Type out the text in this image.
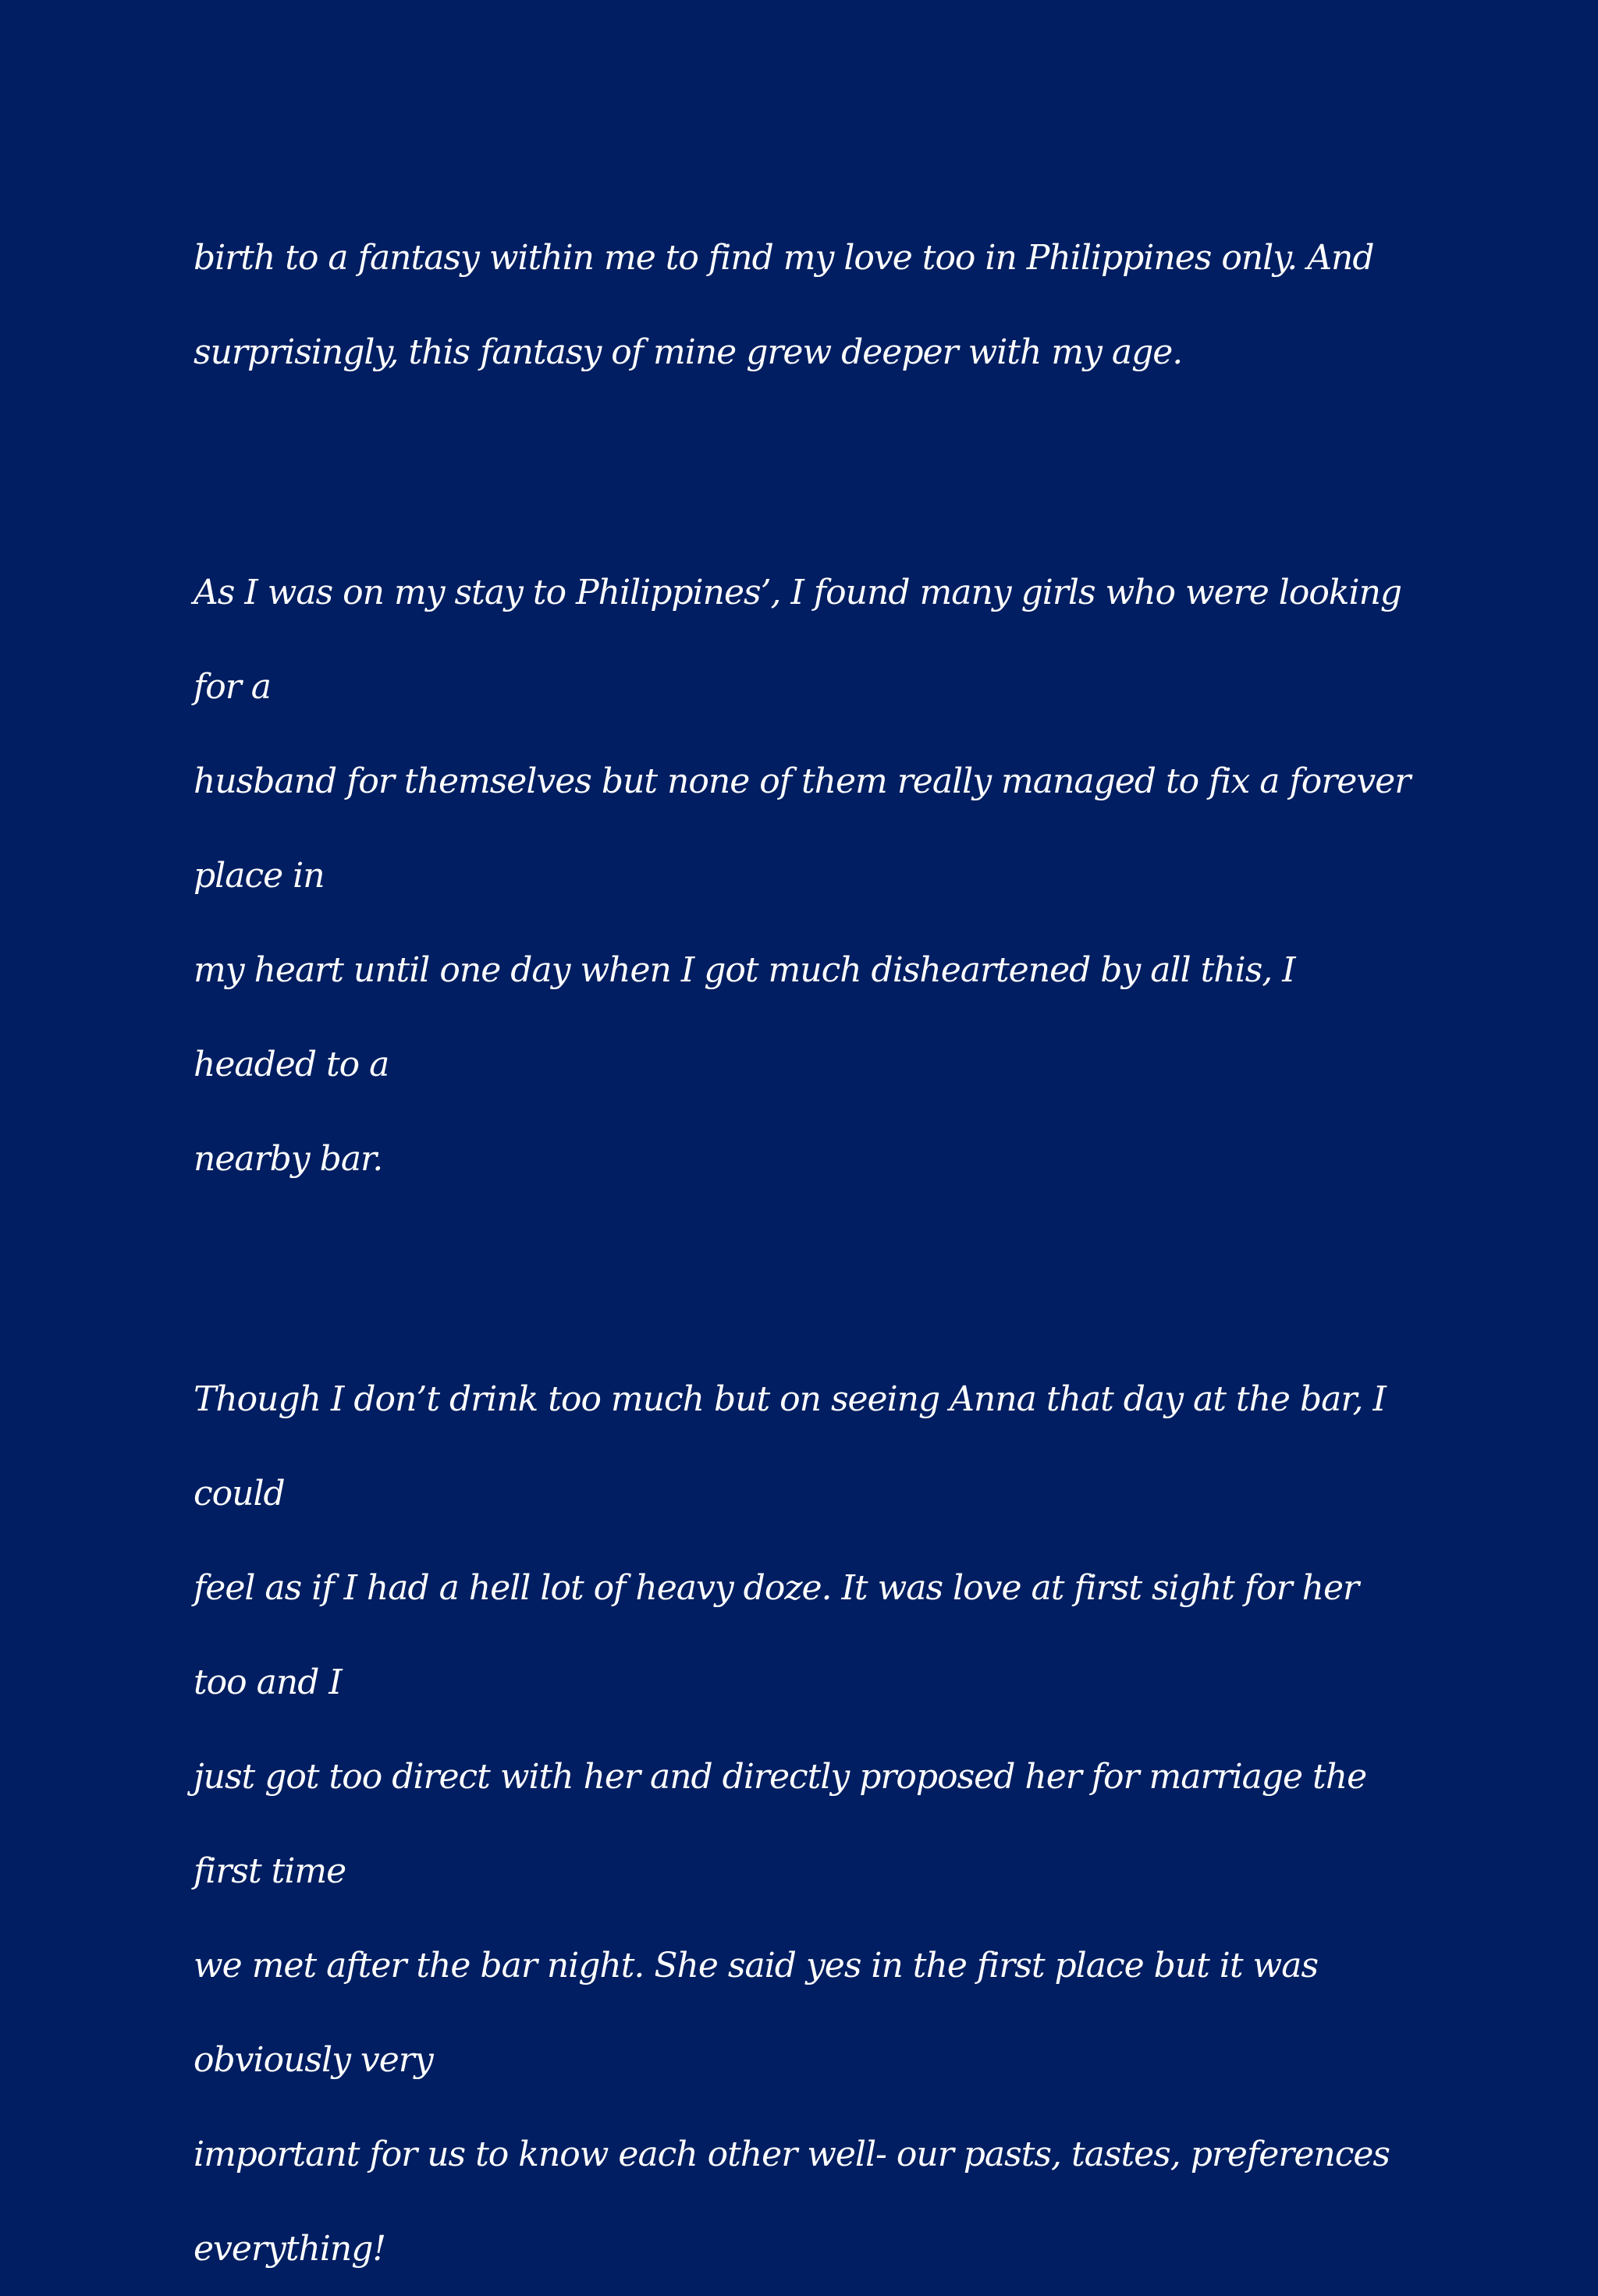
birth to a fantasy within me to find my love too in Philippines only. And
surprisingly, this fantasy of mine grew deeper with my age.

As I was on my stay to Philippines’, I found many girls who were looking for a
husband for themselves but none of them really managed to fix a forever place in
my heart until one day when I got much disheartened by all this, I headed to a
nearby bar.

Though I don’t drink too much but on seeing Anna that day at the bar, I could
feel as if I had a hell lot of heavy doze. It was love at first sight for her too and I
just got too direct with her and directly proposed her for marriage the first time
we met after the bar night. She said yes in the first place but it was obviously very
important for us to know each other well- our pasts, tastes, preferences
everything!
